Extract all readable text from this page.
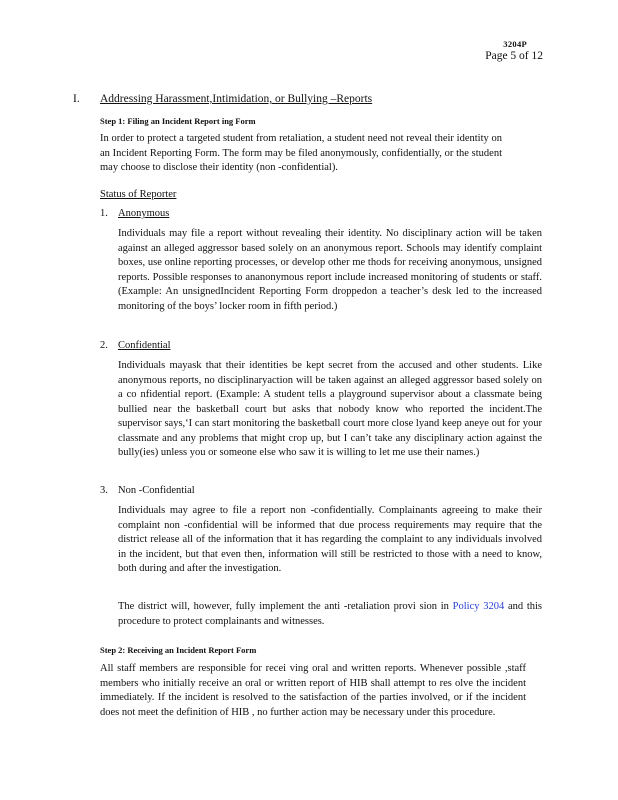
3204P
Page 5 of 12
I. Addressing Harassment,Intimidation, or Bullying –Reports
Step 1: Filing an Incident Report ing Form
In order to protect a targeted student from retaliation, a student need not reveal their identity on an Incident Reporting Form. The form may be filed anonymously, confidentially, or the student may choose to disclose their identity (non -confidential).
Status of Reporter
1. Anonymous
Individuals may file a report without revealing their identity. No disciplinary action will be taken against an alleged aggressor based solely on an anonymous report. Schools may identify complaint boxes, use online reporting processes, or develop other me thods for receiving anonymous, unsigned reports. Possible responses to ananonymous report include increased monitoring of students or staff.(Example: An unsignedIncident Reporting Form droppedon a teacher’s desk led to the increased monitoring of the boys’ locker room in fifth period.)
2. Confidential
Individuals mayask that their identities be kept secret from the accused and other students. Like anonymous reports, no disciplinaryaction will be taken against an alleged aggressor based solely on a co nfidential report. (Example: A student tells a playground supervisor about a classmate being bullied near the basketball court but asks that nobody know who reported the incident.The supervisor says,‘I can start monitoring the basketball court more close lyand keep aneye out for your classmate and any problems that might crop up, but I can’t take any disciplinary action against the bully(ies) unless you or someone else who saw it is willing to let me use their names.)
3. Non -Confidential
Individuals may agree to file a report non -confidentially. Complainants agreeing to make their complaint non -confidential will be informed that due process requirements may require that the district release all of the information that it has regarding the complaint to any individuals involved in the incident, but that even then, information will still be restricted to those with a need to know, both during and after the investigation.
The district will, however, fully implement the anti -retaliation provi sion in Policy 3204 and this procedure to protect complainants and witnesses.
Step 2: Receiving an Incident Report Form
All staff members are responsible for recei ving oral and written reports. Whenever possible ,staff members who initially receive an oral or written report of HIB shall attempt to res olve the incident immediately. If the incident is resolved to the satisfaction of the parties involved, or if the incident does not meet the definition of HIB , no further action may be necessary under this procedure.
